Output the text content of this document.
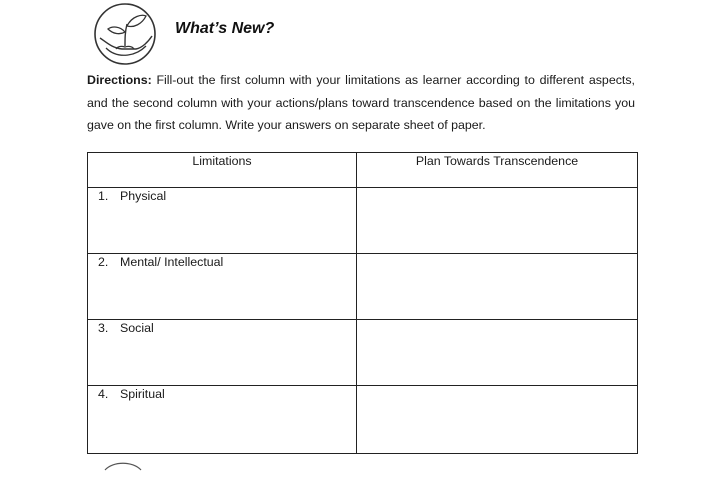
What’s New?
Directions: Fill-out the first column with your limitations as learner according to different aspects, and the second column with your actions/plans toward transcendence based on the limitations you gave on the first column. Write your answers on separate sheet of paper.
Limitations	Plan Towards Transcendence

1. Physical	

2. Mental/ Intellectual	

3. Social	

4. Spiritual	
